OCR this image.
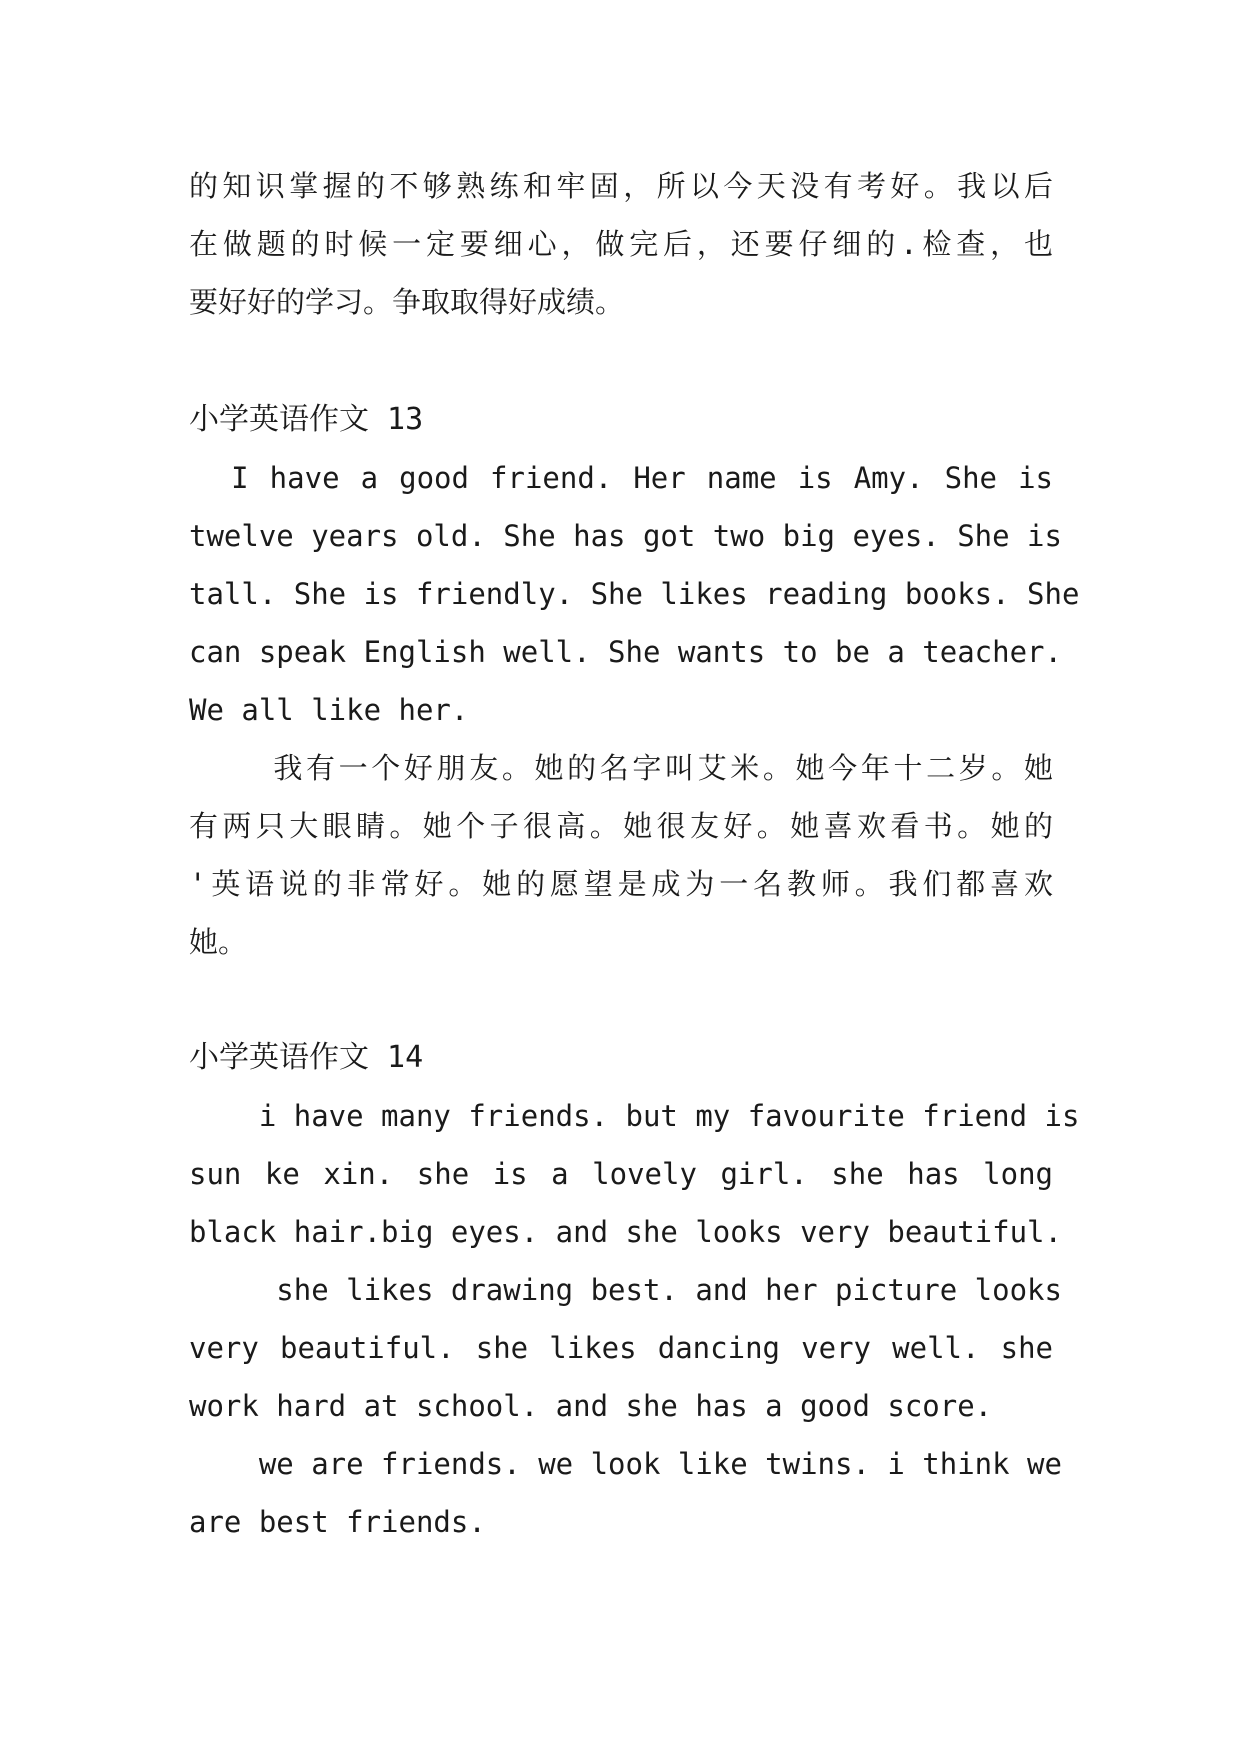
的知识掌握的不够熟练和牢固，所以今天没有考好。我以后
在做题的时候一定要细心，做完后，还要仔细的.检查，也
要好好的学习。争取取得好成绩。
小学英语作文 13
I have a good friend. Her name is Amy. She is
twelve years old. She has got two big eyes. She is
tall. She is friendly. She likes reading books. She
can speak English well. She wants to be a teacher.
We all like her.
我有一个好朋友。她的名字叫艾米。她今年十二岁。她
有两只大眼睛。她个子很高。她很友好。她喜欢看书。她的
'英语说的非常好。她的愿望是成为一名教师。我们都喜欢
她。
小学英语作文 14
i have many friends. but my favourite friend is
sun ke xin. she is a lovely girl. she has long
black hair.big eyes. and she looks very beautiful.
she likes drawing best. and her picture looks
very beautiful. she likes dancing very well. she
work hard at school. and she has a good score.
we are friends. we look like twins. i think we
are best friends.
